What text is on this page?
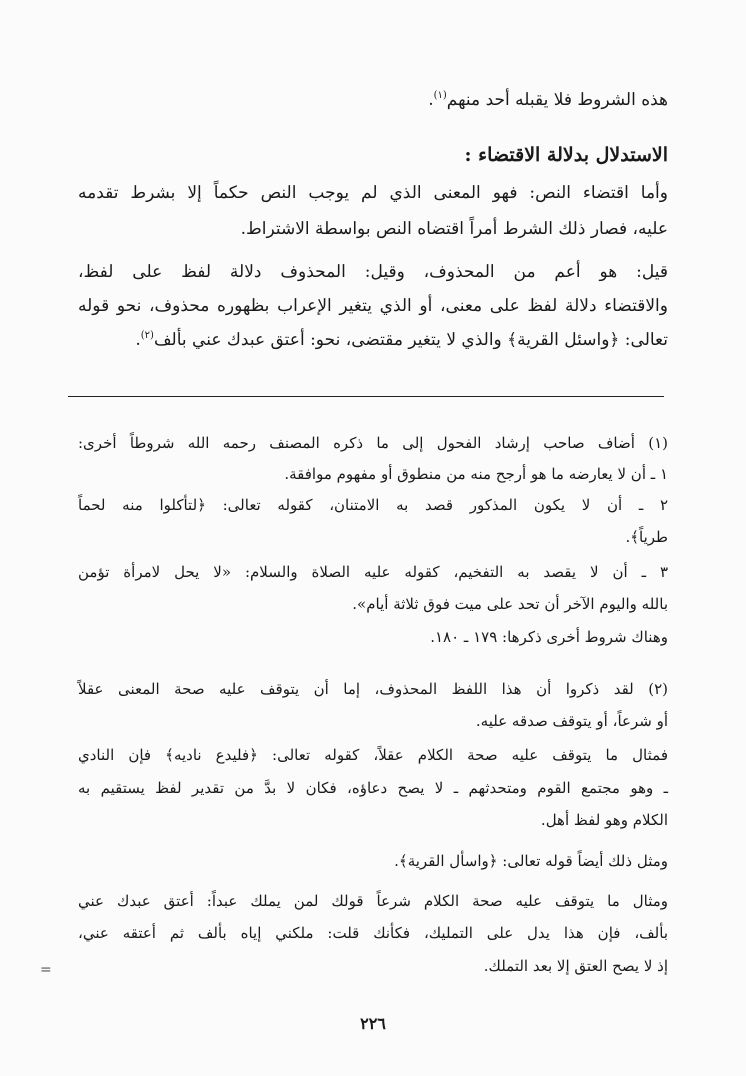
هذه الشروط فلا يقبله أحد منهم$^{(١)}$.
الاستدلال بدلالة الاقتضاء :
وأما اقتضاء النص: فهو المعنى الذي لم يوجب النص حكماً إلا بشرط تقدمه
عليه، فصار ذلك الشرط أمراً اقتضاه النص بواسطة الاشتراط.
قيل: هو أعم من المحذوف، وقيل: المحذوف دلالة لفظ على لفظ،
والاقتضاء دلالة لفظ على معنى، أو الذي يتغير الإعراب بظهوره محذوف، نحو قوله
تعالى: ﴿واسئل القرية﴾ والذي لا يتغير مقتضى، نحو: أعتق عبدك عني بألف$^{(٢)}$.
(١) أضاف صاحب إرشاد الفحول إلى ما ذكره المصنف رحمه الله شروطاً أخرى:
١ ـ أن لا يعارضه ما هو أرجح منه من منطوق أو مفهوم موافقة.
٢ ـ أن لا يكون المذكور قصد به الامتنان، كقوله تعالى: ﴿لتأكلوا منه لحماً
طرياً﴾.
٣ ـ أن لا يقصد به التفخيم، كقوله عليه الصلاة والسلام: «لا يحل لامرأة تؤمن
بالله واليوم الآخر أن تحد على ميت فوق ثلاثة أيام».
وهناك شروط أخرى ذكرها: ١٧٩ ـ ١٨٠.
(٢) لقد ذكروا أن هذا اللفظ المحذوف، إما أن يتوقف عليه صحة المعنى عقلاً
أو شرعاً، أو يتوقف صدقه عليه.
فمثال ما يتوقف عليه صحة الكلام عقلاً، كقوله تعالى: ﴿فليدع ناديه﴾ فإن النادي
ـ وهو مجتمع القوم ومتحدثهم ـ لا يصح دعاؤه، فكان لا بدَّ من تقدير لفظ يستقيم به
الكلام وهو لفظ أهل.
ومثل ذلك أيضاً قوله تعالى: ﴿واسأل القرية﴾.
ومثال ما يتوقف عليه صحة الكلام شرعاً قولك لمن يملك عبداً: أعتق عبدك عني
بألف، فإن هذا يدل على التمليك، فكأنك قلت: ملكني إياه بألف ثم أعتقه عني،
إذ لا يصح العتق إلا بعد التملك.
=
٢٢٦
